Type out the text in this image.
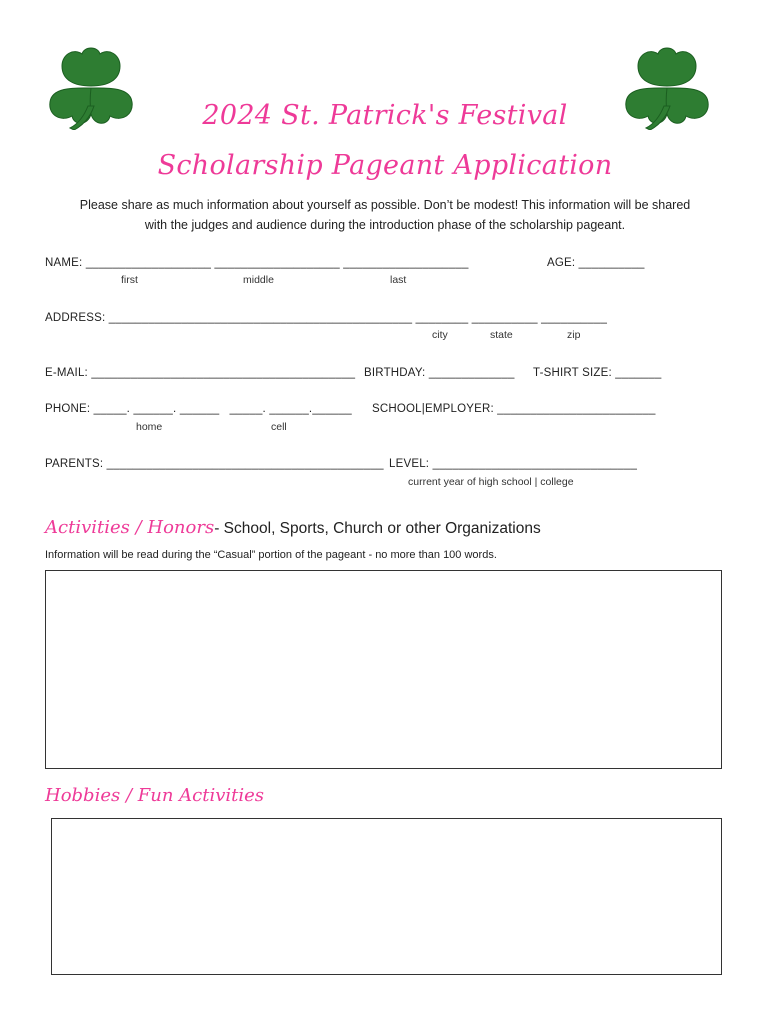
2024 St. Patrick's Festival
Scholarship Pageant Application
Please share as much information about yourself as possible. Don’t be modest! This information will be shared
with the judges and audience during the introduction phase of the scholarship pageant.
NAME: ___________________ ___________________ ___________________	AGE: __________
first	middle	last
ADDRESS: ______________________________________________ ________ __________ __________
city	state	zip
E-MAIL: ________________________________________ BIRTHDAY: _____________ T-SHIRT SIZE: _______
PHONE: _____. ______. ______   _____. ______.______ SCHOOL|EMPLOYER: ________________________
home	cell
PARENTS: __________________________________________ LEVEL: _______________________________
current year of high school | college
Activities / Honors- School, Sports, Church or other Organizations
Information will be read during the “Casual” portion of the pageant - no more than 100 words.
Hobbies / Fun Activities
